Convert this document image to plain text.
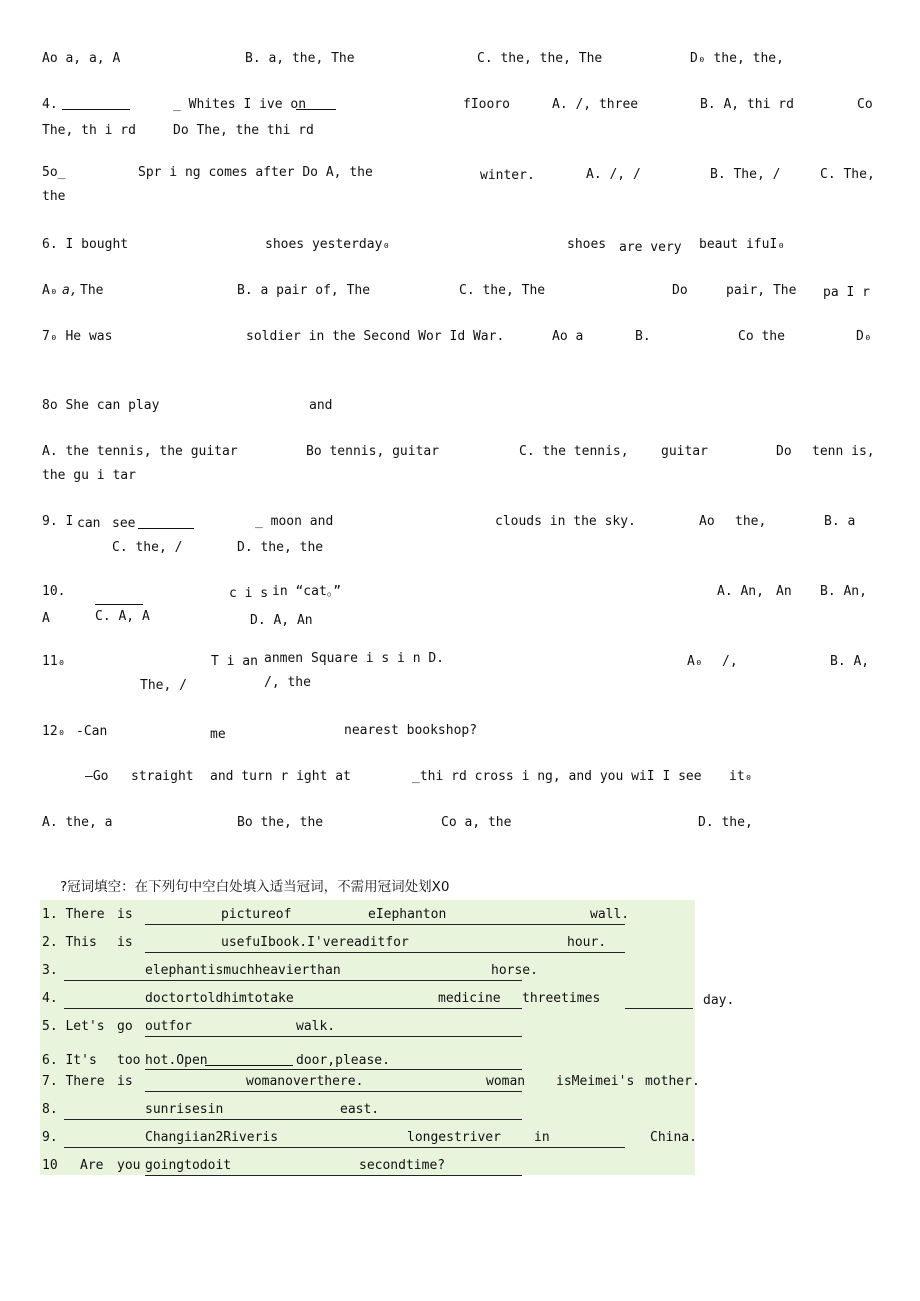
Ao a, a, A	B. a, the, The	C. the, the, The	D₀ the, the,
4.	_ Whites I ive on	fIooro	A. /, three	B. A, thi rd	Co
The, th i rd	Do The, the thi rd
5o_	Spr i ng comes after Do A, the	winter.	A. /, /	B. The, /	C. The,
the
6. I bought	shoes yesterday₀	shoes are very beaut ifuI₀
A₀ a, The	B. a pair of, The	C. the, The	Do	pair, The pa I r
7₀ He was	soldier in the Second Wor Id War.	Ao a	B.	Co the	D₀
8o She can play	and
A. the tennis, the guitar	Bo tennis, guitar	C. the tennis, guitar	Do tenn is,
the gu i tar
9. I can see	_ moon and	clouds in the sky.	Ao the,	B. a
C. the, /	D. the, the
10.	c i s in “cat。”	A. An, An B. An,
A	C. A, A	D. A, An
11₀	T i an anmen Square i s i n D.	A₀ /,	B. A,
The, /	/, the
12₀ -Can	me	nearest bookshop?
—Go straight and turn r ight at	_thi rd cross i ng, and you wiI I see it₀
A. the, a	Bo the, the	Co a, the	D. the,
?冠词填空：在下列句中空白处填入适当冠词，不需用冠词处划X0
1. There is	pictureof	eIephanton	wall.
2. This is	usefuIbook.I'vereaditfor	hour.
3.	elephantismuchheavierthan	horse.
4.	doctortoldhimtotake	medicine threetimes	day.
5. Let's go outfor	walk.
6. It's too hot.Open	door,please.
7. There is	womanoverthere.	woman isMeimei's mother.
8.	sunrisesin	east.
9.	Changiian2Riveris	longestriver	in	China.
10 Are you goingtodoit	secondtime?
